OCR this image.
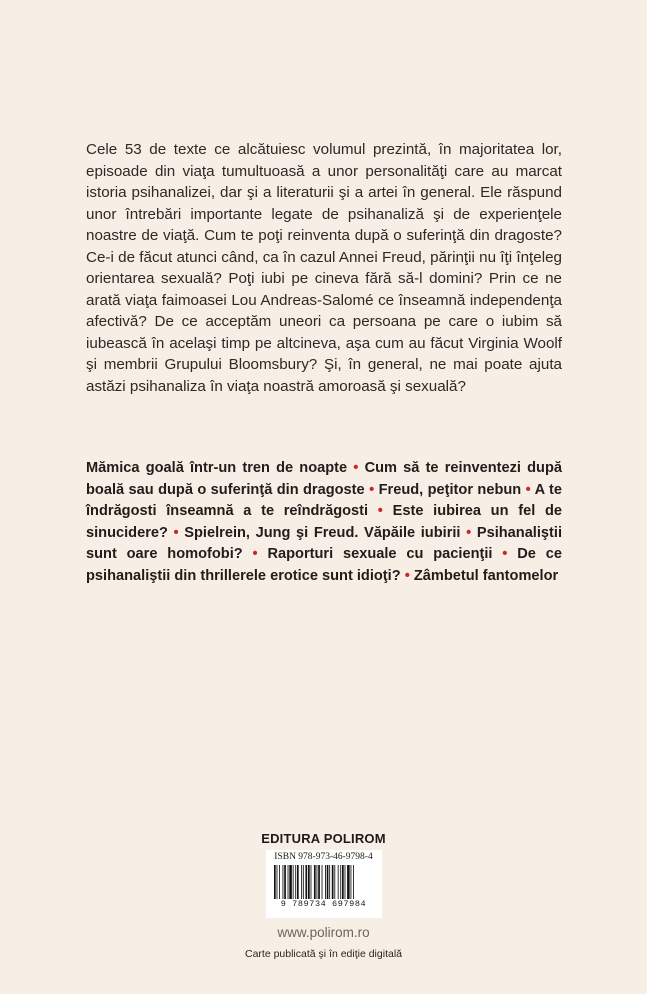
Cele 53 de texte ce alcătuiesc volumul prezintă, în majoritatea lor, episoade din viaţa tumultuoasă a unor personalităţi care au marcat istoria psihanalizei, dar şi a literaturii şi a artei în general. Ele răspund unor întrebări importante legate de psihanaliză şi de experienţele noastre de viaţă. Cum te poţi reinventa după o suferinţă din dragoste? Ce-i de făcut atunci când, ca în cazul Annei Freud, părinţii nu îţi înţeleg orientarea sexuală? Poţi iubi pe cineva fără să-l domini? Prin ce ne arată viaţa faimoasei Lou Andreas-Salomé ce înseamnă independenţa afectivă? De ce acceptăm uneori ca persoana pe care o iubim să iubească în acelaşi timp pe altcineva, aşa cum au făcut Virginia Woolf şi membrii Grupului Bloomsbury? Şi, în general, ne mai poate ajuta astăzi psihanaliza în viaţa noastră amoroasă şi sexuală?

Mămica goală într-un tren de noapte • Cum să te reinventezi după boală sau după o suferinţă din dragoste • Freud, peţitor nebun • A te îndrăgosti înseamnă a te reîndrăgosti • Este iubirea un fel de sinucidere? • Spielrein, Jung şi Freud. Văpăile iubirii • Psihanaliştii sunt oare homofobi? • Raporturi sexuale cu pacienţii • De ce psihanaliştii din thrillerele erotice sunt idioţi? • Zâmbetul fantomelor

EDITURA POLIROM
ISBN 978-973-46-9798-4
9 789734 697984
www.polirom.ro
Carte publicată şi în ediţie digitală
